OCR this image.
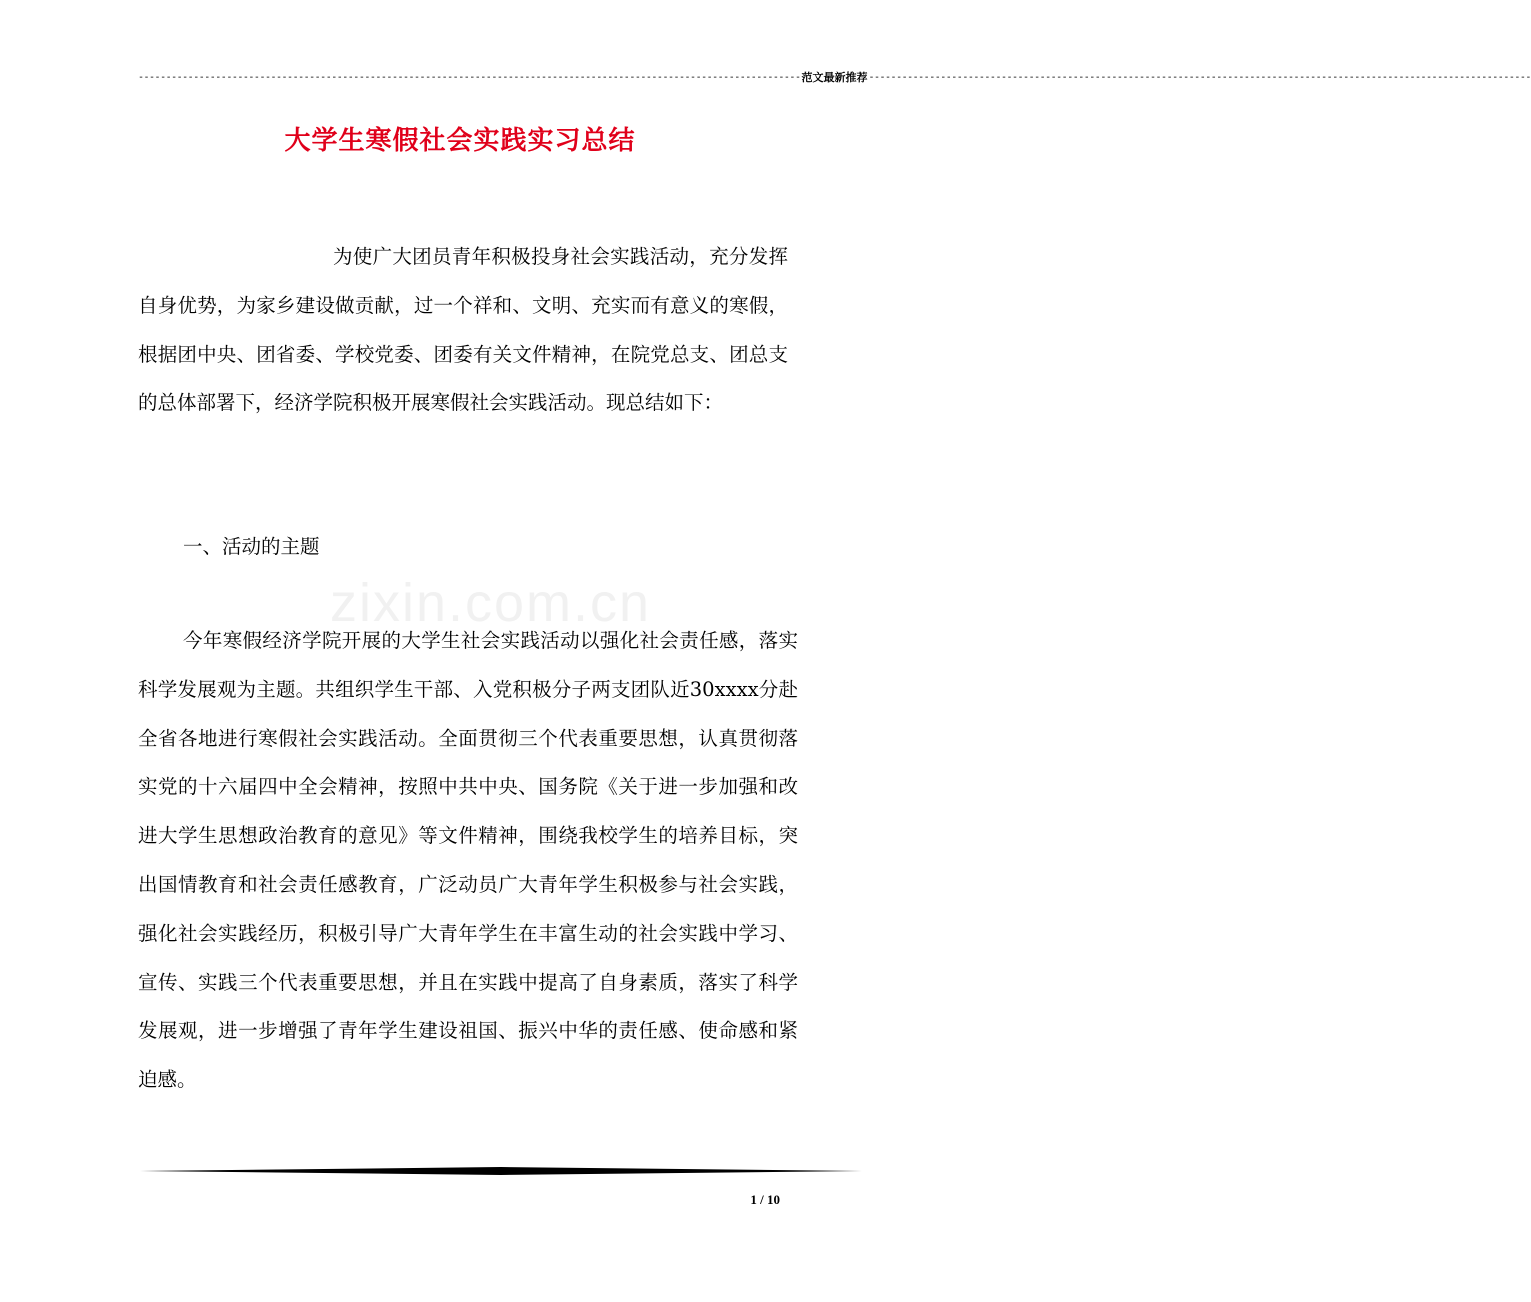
------------------------------------------------------------------------------------------------------------------------ 范文最新推荐 ------------------------------------------------------------------------------------------------------------------------
大学生寒假社会实践实习总结
zixin.com.cn

为使广大团员青年积极投身社会实践活动，充分发挥自身优势，为家乡建设做贡献，过一个祥和、文明、充实而有意义的寒假，根据团中央、团省委、学校党委、团委有关文件精神，在院党总支、团总支的总体部署下，经济学院积极开展寒假社会实践活动。现总结如下：

一、活动的主题

今年寒假经济学院开展的大学生社会实践活动以强化社会责任感，落实科学发展观为主题。共组织学生干部、入党积极分子两支团队近30xxxx分赴全省各地进行寒假社会实践活动。全面贯彻三个代表重要思想，认真贯彻落实党的十六届四中全会精神，按照中共中央、国务院《关于进一步加强和改进大学生思想政治教育的意见》等文件精神，围绕我校学生的培养目标，突出国情教育和社会责任感教育，广泛动员广大青年学生积极参与社会实践，强化社会实践经历，积极引导广大青年学生在丰富生动的社会实践中学习、宣传、实践三个代表重要思想，并且在实践中提高了自身素质，落实了科学发展观，进一步增强了青年学生建设祖国、振兴中华的责任感、使命感和紧迫感。

1 / 10
